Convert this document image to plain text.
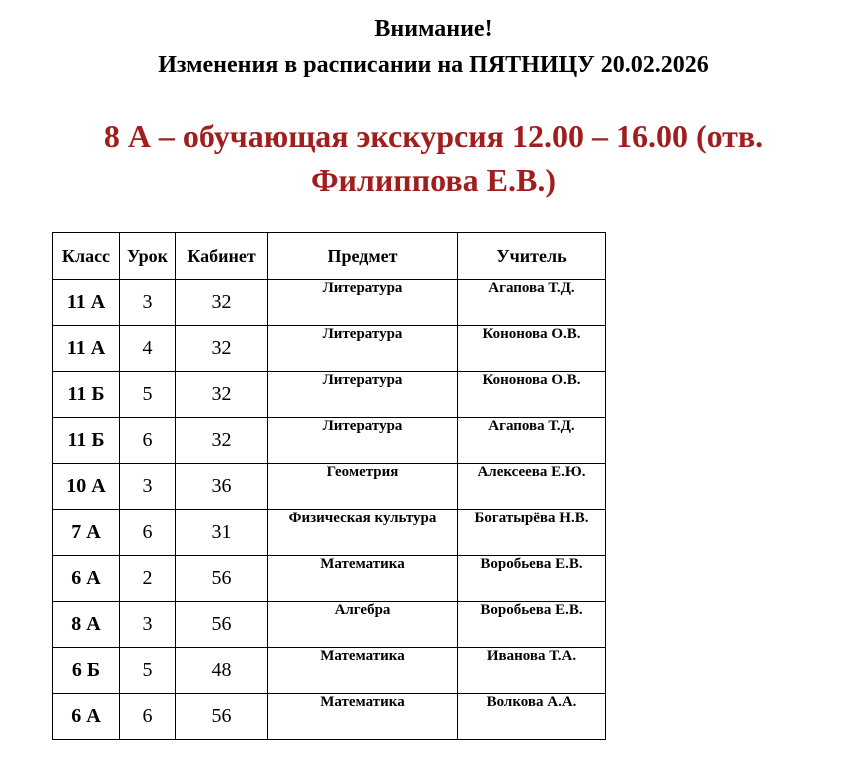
Внимание!
Изменения в расписании на ПЯТНИЦУ 20.02.2026
8 А – обучающая экскурсия 12.00 – 16.00 (отв.
Филиппова Е.В.)
Класс	Урок	Кабинет	Предмет	Учитель
11 А	3	32	Литература	Агапова Т.Д.
11 А	4	32	Литература	Кононова О.В.
11 Б	5	32	Литература	Кононова О.В.
11 Б	6	32	Литература	Агапова Т.Д.
10 А	3	36	Геометрия	Алексеева Е.Ю.
7 А	6	31	Физическая культура	Богатырёва Н.В.
6 А	2	56	Математика	Воробьева Е.В.
8 А	3	56	Алгебра	Воробьева Е.В.
6 Б	5	48	Математика	Иванова Т.А.
6 А	6	56	Математика	Волкова А.А.
